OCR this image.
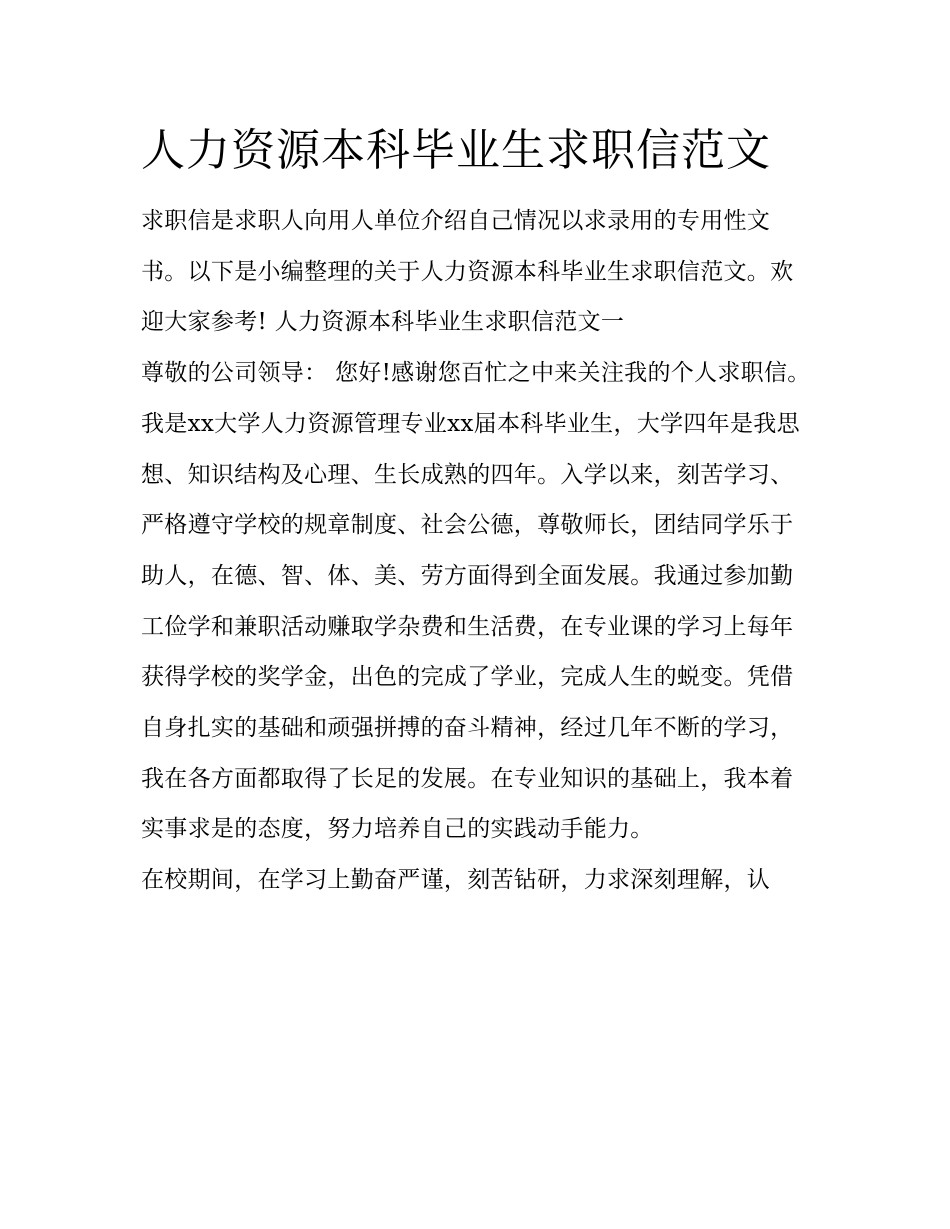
人力资源本科毕业生求职信范文

求职信是求职人向用人单位介绍自己情况以求录用的专用性文书。以下是小编整理的关于人力资源本科毕业生求职信范文。欢迎大家参考! 人力资源本科毕业生求职信范文一

尊敬的公司领导： 您好!感谢您百忙之中来关注我的个人求职信。

我是xx大学人力资源管理专业xx届本科毕业生，大学四年是我思想、知识结构及心理、生长成熟的四年。入学以来，刻苦学习、严格遵守学校的规章制度、社会公德，尊敬师长，团结同学乐于助人，在德、智、体、美、劳方面得到全面发展。我通过参加勤工俭学和兼职活动赚取学杂费和生活费，在专业课的学习上每年获得学校的奖学金，出色的完成了学业，完成人生的蜕变。凭借自身扎实的基础和顽强拼搏的奋斗精神，经过几年不断的学习，我在各方面都取得了长足的发展。在专业知识的基础上，我本着实事求是的态度，努力培养自己的实践动手能力。

在校期间，在学习上勤奋严谨，刻苦钻研，力求深刻理解，认
